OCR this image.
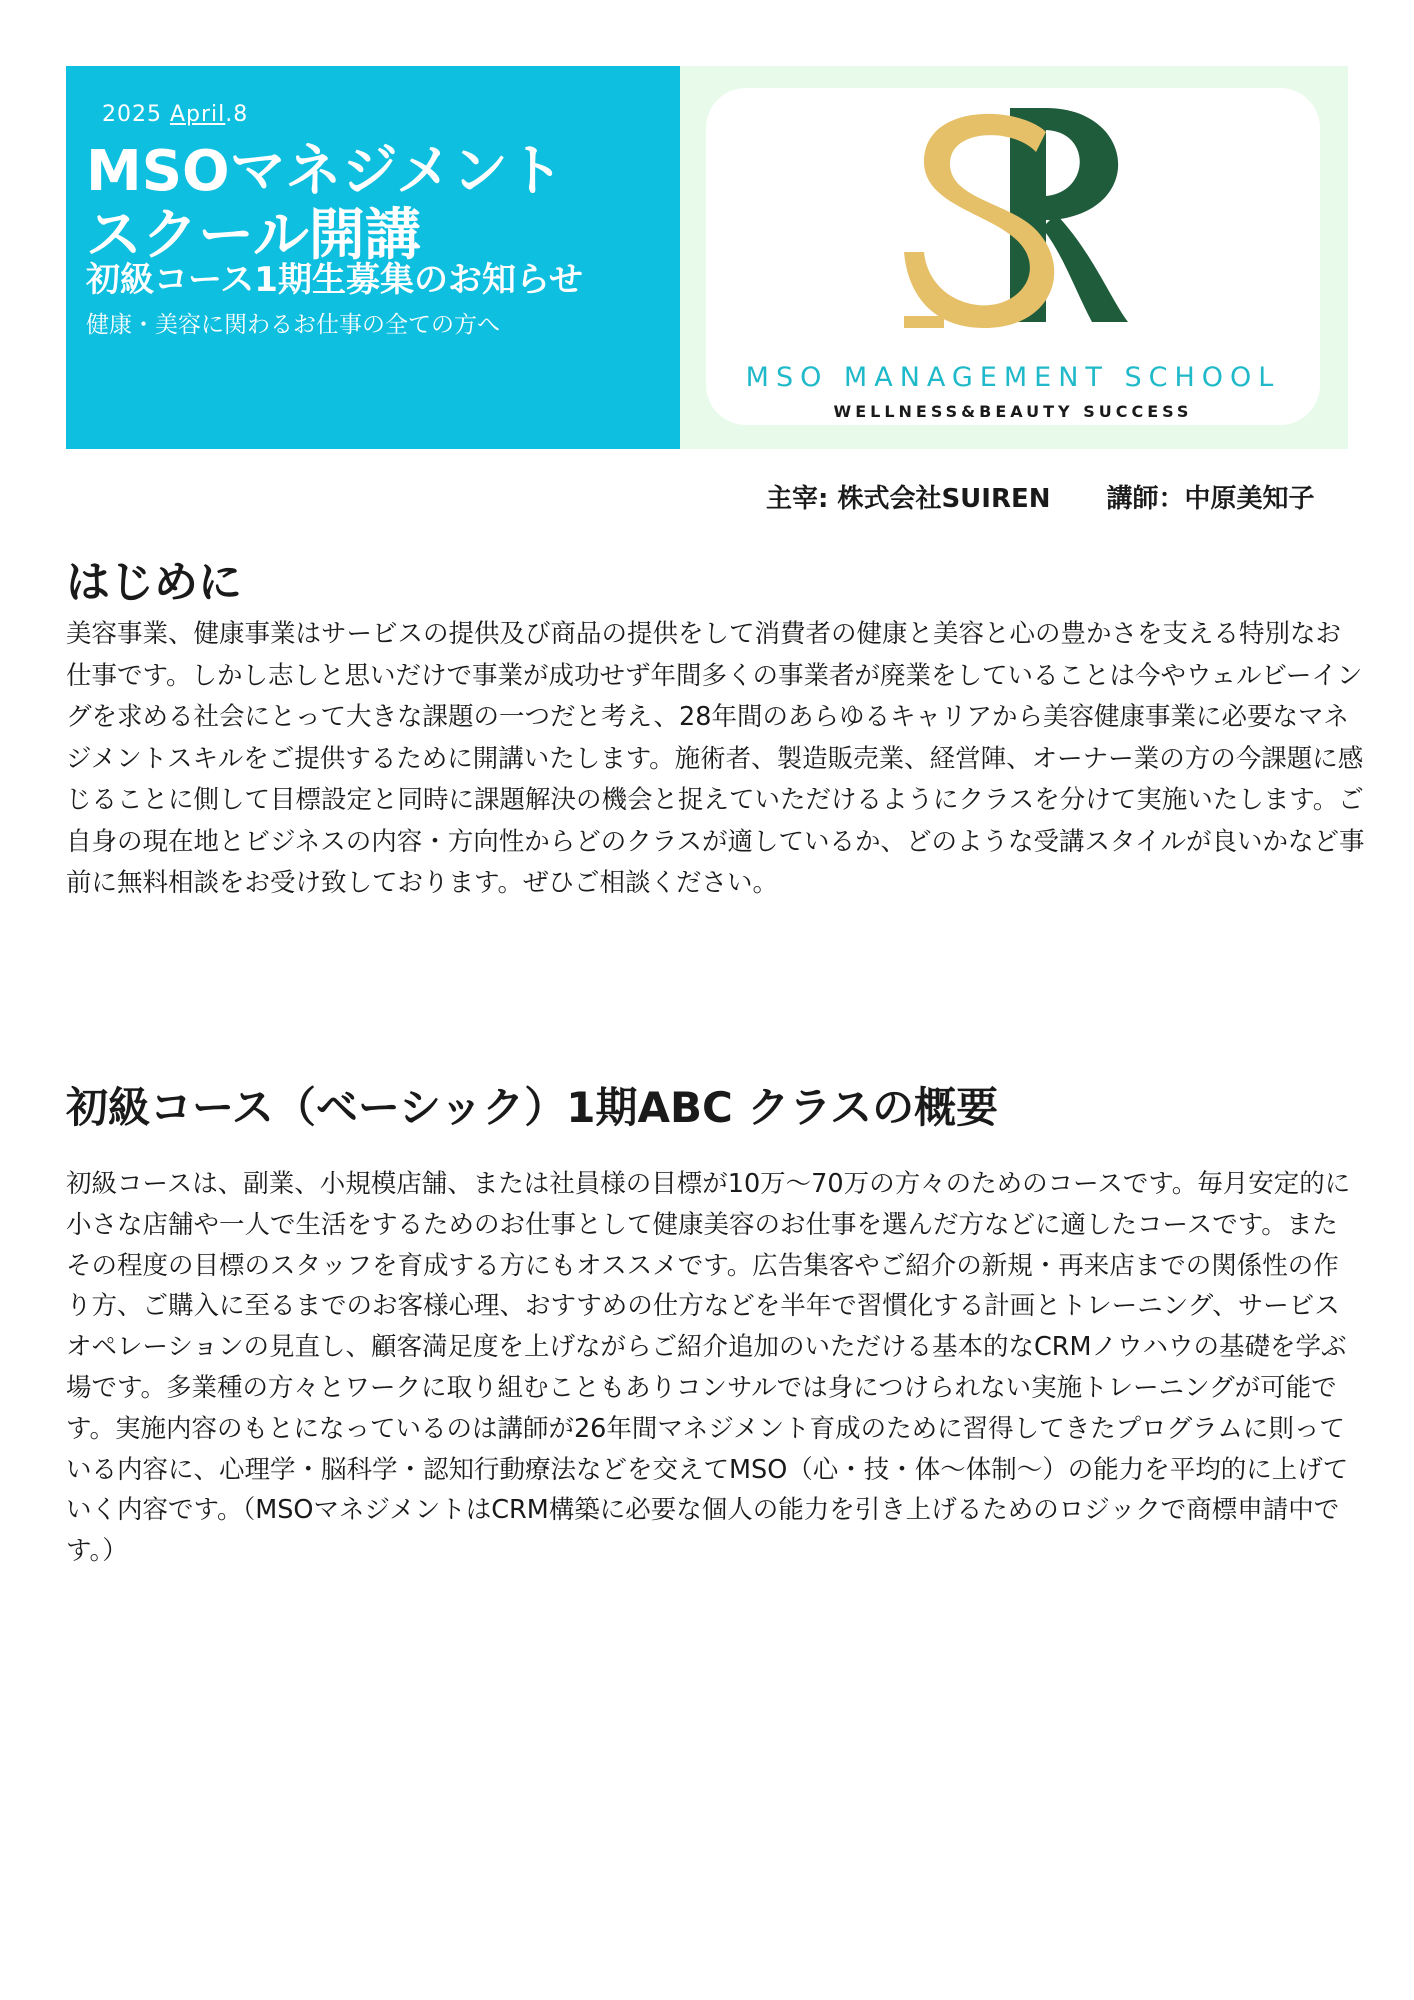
2025 April.8
MSOマネジメント
スクール開講
初級コース1期生募集のお知らせ
健康・美容に関わるお仕事の全ての方へ
MSO MANAGEMENT SCHOOL
WELLNESS&BEAUTY SUCCESS
主宰: 株式会社SUIREN 講師：中原美知子
はじめに

美容事業、健康事業はサービスの提供及び商品の提供をして消費者の健康と美容と心の豊かさを支える特別なお仕事です。しかし志しと思いだけで事業が成功せず年間多くの事業者が廃業をしていることは今やウェルビーイングを求める社会にとって大きな課題の一つだと考え、28年間のあらゆるキャリアから美容健康事業に必要なマネジメントスキルをご提供するために開講いたします。施術者、製造販売業、経営陣、オーナー業の方の今課題に感じることに側して目標設定と同時に課題解決の機会と捉えていただけるようにクラスを分けて実施いたします。ご自身の現在地とビジネスの内容・方向性からどのクラスが適しているか、どのような受講スタイルが良いかなど事前に無料相談をお受け致しております。ぜひご相談ください。

初級コース（ベーシック）1期ABC クラスの概要

初級コースは、副業、小規模店舗、または社員様の目標が10万〜70万の方々のためのコースです。毎月安定的に小さな店舗や一人で生活をするためのお仕事として健康美容のお仕事を選んだ方などに適したコースです。またその程度の目標のスタッフを育成する方にもオススメです。広告集客やご紹介の新規・再来店までの関係性の作り方、ご購入に至るまでのお客様心理、おすすめの仕方などを半年で習慣化する計画とトレーニング、サービスオペレーションの見直し、顧客満足度を上げながらご紹介追加のいただける基本的なCRMノウハウの基礎を学ぶ場です。多業種の方々とワークに取り組むこともありコンサルでは身につけられない実施トレーニングが可能です。実施内容のもとになっているのは講師が26年間マネジメント育成のために習得してきたプログラムに則っている内容に、心理学・脳科学・認知行動療法などを交えてMSO（心・技・体〜体制〜）の能力を平均的に上げていく内容です。（MSOマネジメントはCRM構築に必要な個人の能力を引き上げるためのロジックで商標申請中です。）
